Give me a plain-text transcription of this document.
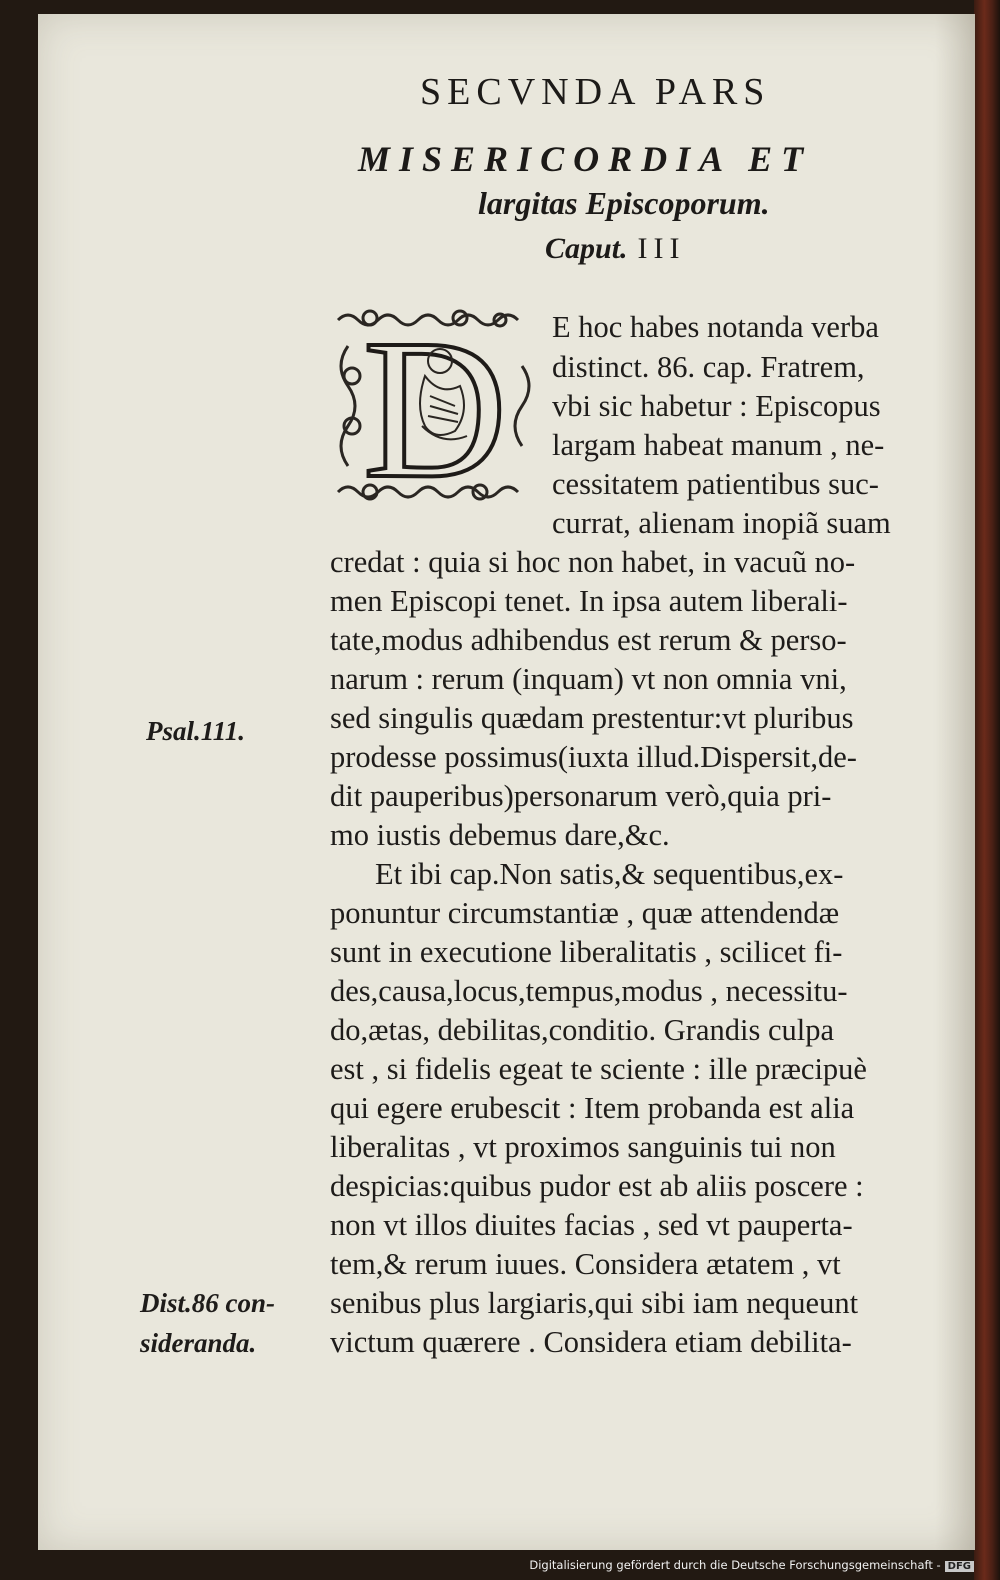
SECVNDA PARS
MISERICORDIA ET
largitas Episcoporum.
Caput. III
D E hoc habes notanda verba
distinct. 86. cap. Fratrem,
vbi sic habetur : Episcopus
largam habeat manum , ne-
cessitatem patientibus suc-
currat, alienam inopiã suam
credat : quia si hoc non habet, in vacuũ no-
men Episcopi tenet. In ipsa autem liberali-
tate,modus adhibendus est rerum & perso-
narum : rerum (inquam) vt non omnia vni,
sed singulis quædam prestentur:vt pluribus
prodesse possimus(iuxta illud.Dispersit,de-
dit pauperibus)personarum verò,quia pri-
mo iustis debemus dare,&c.
Et ibi cap.Non satis,& sequentibus,ex-
ponuntur circumstantiæ , quæ attendendæ
sunt in executione liberalitatis , scilicet fi-
des,causa,locus,tempus,modus , necessitu-
do,ætas, debilitas,conditio. Grandis culpa
est , si fidelis egeat te sciente : ille præcipuè
qui egere erubescit : Item probanda est alia
liberalitas , vt proximos sanguinis tui non
despicias:quibus pudor est ab aliis poscere :
non vt illos diuites facias , sed vt pauperta-
tem,& rerum iuues. Considera ætatem , vt
senibus plus largiaris,qui sibi iam nequeunt
victum quærere . Considera etiam debilita-
Psal.111.
Dist.86 con-
sideranda.
Digitalisierung gefördert durch die Deutsche Forschungsgemeinschaft - DFG
